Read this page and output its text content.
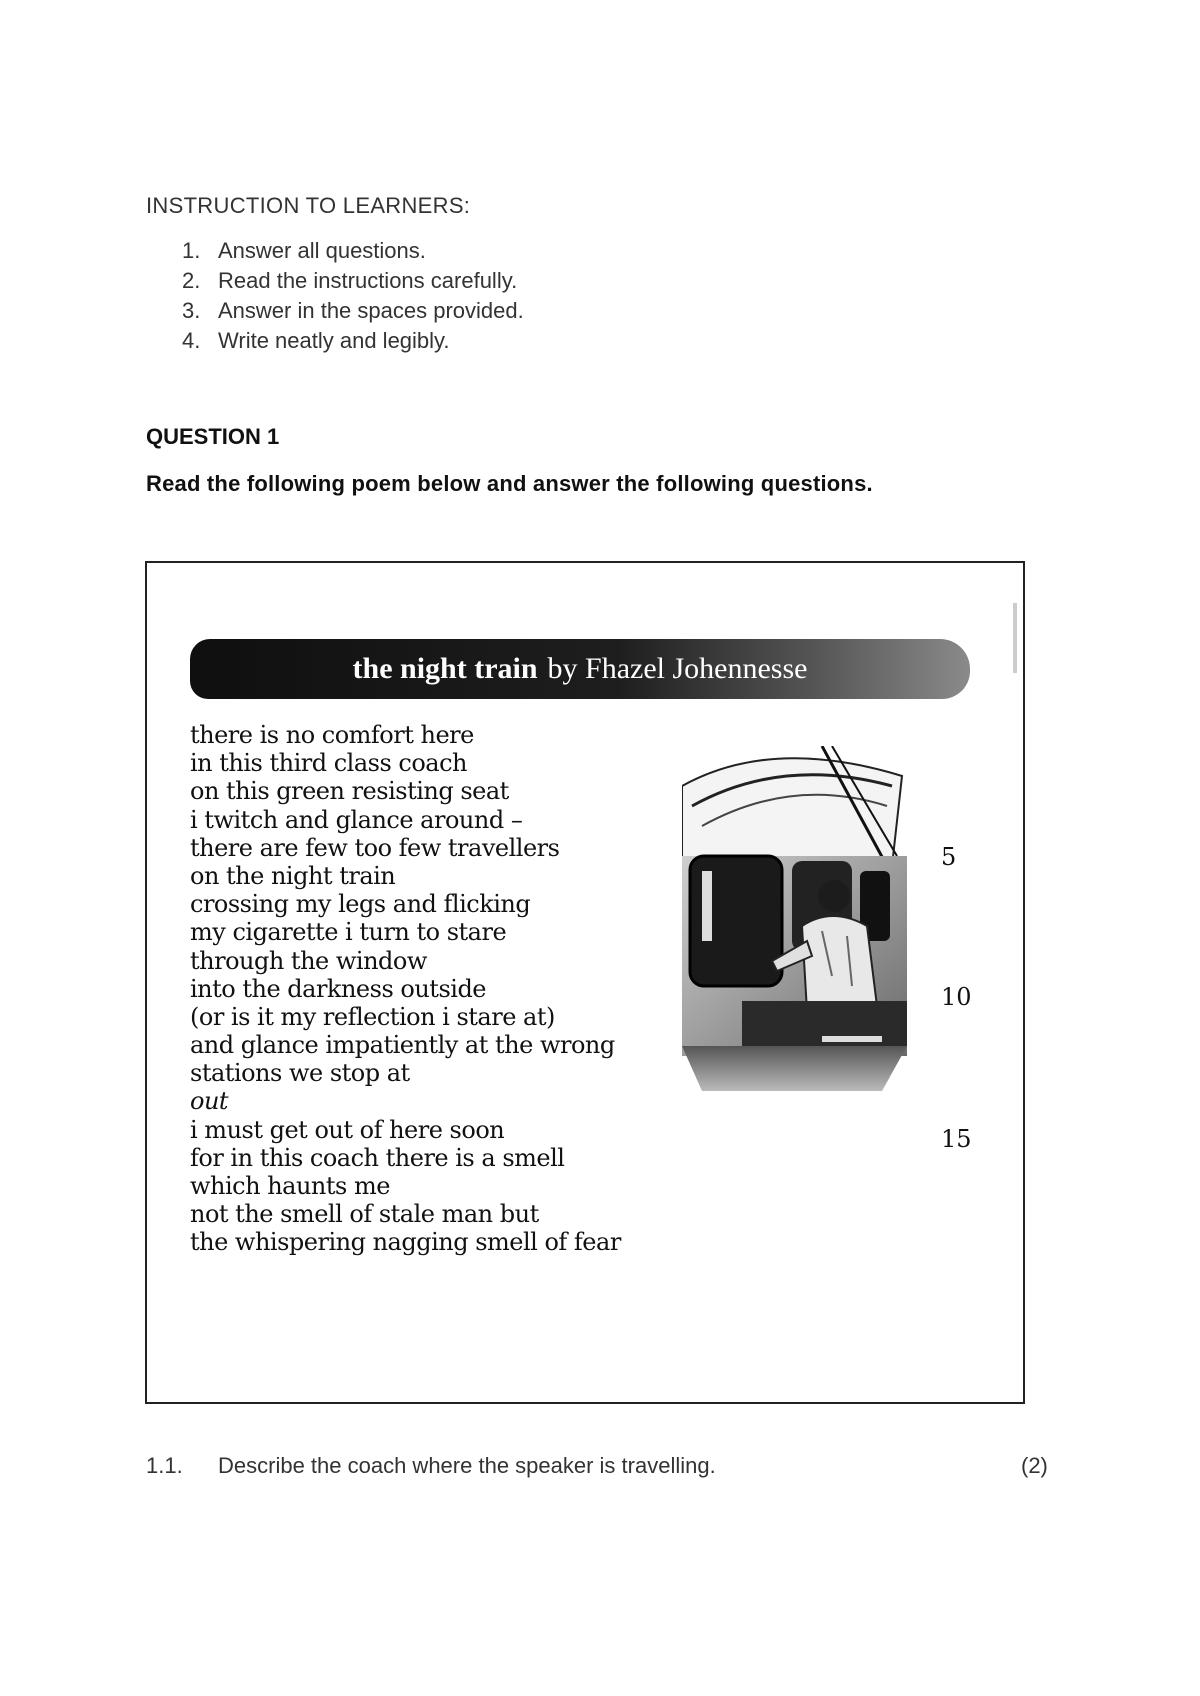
INSTRUCTION TO LEARNERS:
1. Answer all questions.
2. Read the instructions carefully.
3. Answer in the spaces provided.
4. Write neatly and legibly.
QUESTION 1
Read the following poem below and answer the following questions.
the night train by Fhazel Johennesse
there is no comfort here
in this third class coach
on this green resisting seat
i twitch and glance around –
there are few too few travellers
on the night train
crossing my legs and flicking
my cigarette i turn to stare
through the window
into the darkness outside
(or is it my reflection i stare at)
and glance impatiently at the wrong
stations we stop at
out
i must get out of here soon
for in this coach there is a smell
which haunts me
not the smell of stale man but
the whispering nagging smell of fear
5
10
15
1.1. Describe the coach where the speaker is travelling.	(2)
